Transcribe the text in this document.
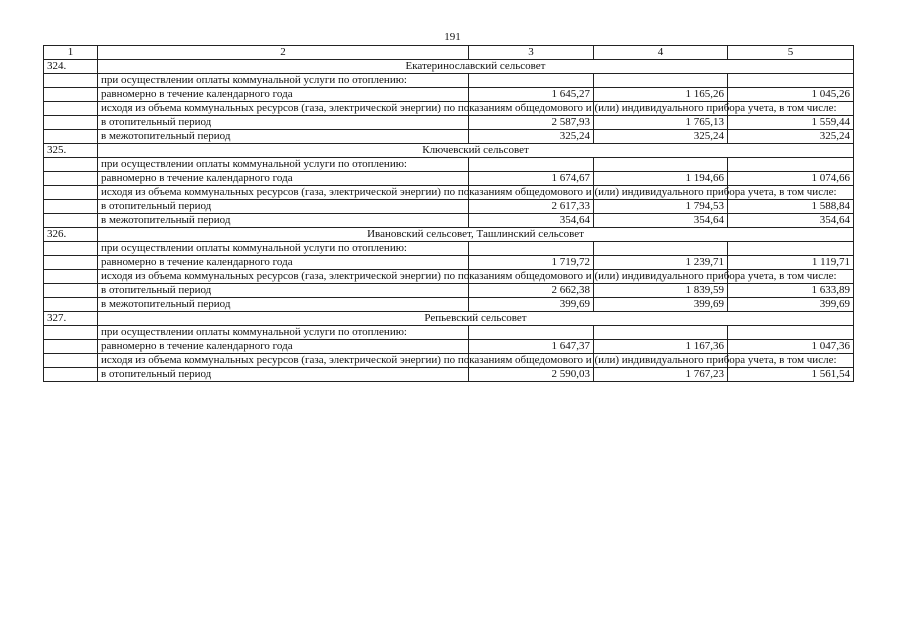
191
1	2	3	4	5
324.	Екатеринославский сельсовет			
	при осуществлении оплаты коммунальной услуги по отоплению:			
	равномерно в течение календарного года	1 645,27	1 165,26	1 045,26
	исходя из объема коммунальных ресурсов (газа, электрической энергии) по показаниям общедомового и (или) индивидуального прибора учета, в том числе:			
	в отопительный период	2 587,93	1 765,13	1 559,44
	в межотопительный период	325,24	325,24	325,24
325.	Ключевский сельсовет			
	при осуществлении оплаты коммунальной услуги по отоплению:			
	равномерно в течение календарного года	1 674,67	1 194,66	1 074,66
	исходя из объема коммунальных ресурсов (газа, электрической энергии) по показаниям общедомового и (или) индивидуального прибора учета, в том числе:			
	в отопительный период	2 617,33	1 794,53	1 588,84
	в межотопительный период	354,64	354,64	354,64
326.	Ивановский сельсовет, Ташлинский сельсовет			
	при осуществлении оплаты коммунальной услуги по отоплению:			
	равномерно в течение календарного года	1 719,72	1 239,71	1 119,71
	исходя из объема коммунальных ресурсов (газа, электрической энергии) по показаниям общедомового и (или) индивидуального прибора учета, в том числе:			
	в отопительный период	2 662,38	1 839,59	1 633,89
	в межотопительный период	399,69	399,69	399,69
327.	Репьевский сельсовет			
	при осуществлении оплаты коммунальной услуги по отоплению:			
	равномерно в течение календарного года	1 647,37	1 167,36	1 047,36
	исходя из объема коммунальных ресурсов (газа, электрической энергии) по показаниям общедомового и (или) индивидуального прибора учета, в том числе:			
	в отопительный период	2 590,03	1 767,23	1 561,54
